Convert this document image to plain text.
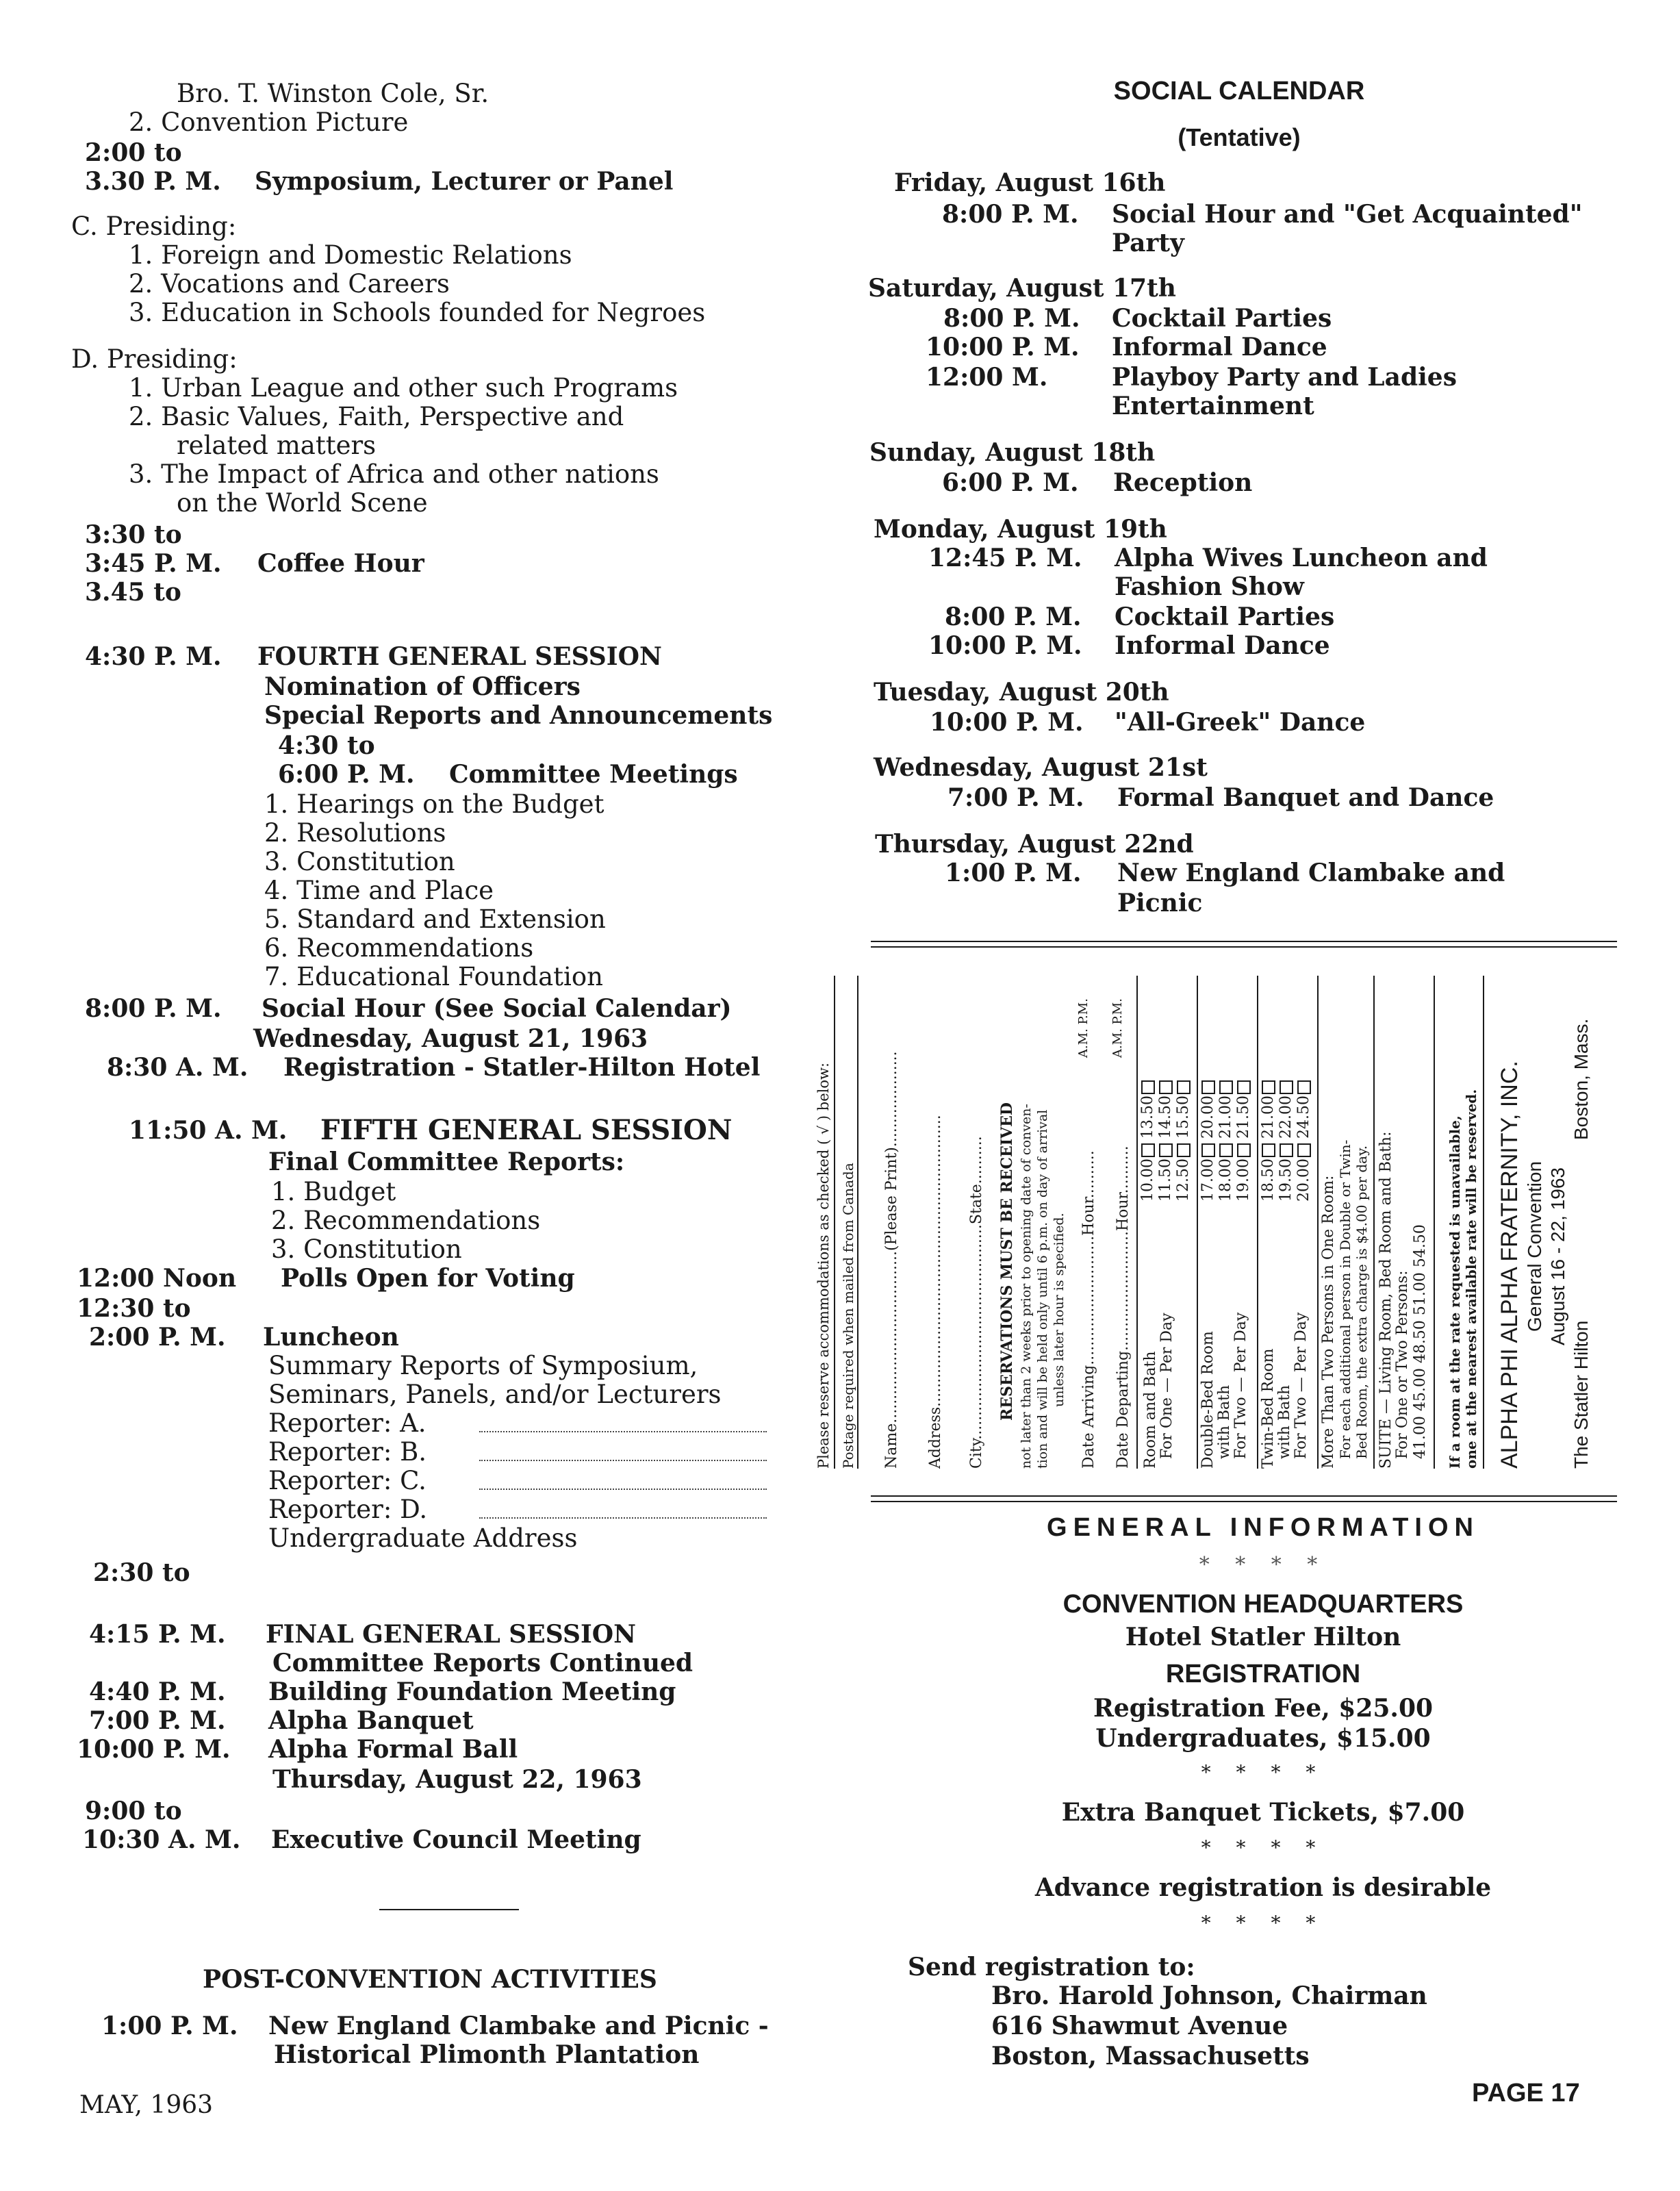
Bro. T. Winston Cole, Sr.
2. Convention Picture
2:00 to
3.30 P. M. Symposium, Lecturer or Panel
C. Presiding:
1. Foreign and Domestic Relations
2. Vocations and Careers
3. Education in Schools founded for Negroes
D. Presiding:
1. Urban League and other such Programs
2. Basic Values, Faith, Perspective and
related matters
3. The Impact of Africa and other nations
on the World Scene
3:30 to
3:45 P. M. Coffee Hour
3.45 to
4:30 P. M. FOURTH GENERAL SESSION
Nomination of Officers
Special Reports and Announcements
4:30 to
6:00 P. M. Committee Meetings
1. Hearings on the Budget
2. Resolutions
3. Constitution
4. Time and Place
5. Standard and Extension
6. Recommendations
7. Educational Foundation
8:00 P. M. Social Hour (See Social Calendar)
Wednesday, August 21, 1963
8:30 A. M. Registration - Statler-Hilton Hotel
11:50 A. M. FIFTH GENERAL SESSION
Final Committee Reports:
1. Budget
2. Recommendations
3. Constitution
12:00 Noon Polls Open for Voting
12:30 to
2:00 P. M. Luncheon
Summary Reports of Symposium,
Seminars, Panels, and/or Lecturers
Reporter: A.
Reporter: B.
Reporter: C.
Reporter: D.
Undergraduate Address
2:30 to
4:15 P. M. FINAL GENERAL SESSION
Committee Reports Continued
4:40 P. M. Building Foundation Meeting
7:00 P. M. Alpha Banquet
10:00 P. M. Alpha Formal Ball
Thursday, August 22, 1963
9:00 to
10:30 A. M. Executive Council Meeting
POST-CONVENTION ACTIVITIES
1:00 P. M. New England Clambake and Picnic -
Historical Plimonth Plantation
MAY, 1963
SOCIAL CALENDAR
(Tentative)
Friday, August 16th
8:00 P. M. Social Hour and "Get Acquainted"
Party
Saturday, August 17th
8:00 P. M. Cocktail Parties
10:00 P. M. Informal Dance
12:00 M.	Playboy Party and Ladies
Entertainment
Sunday, August 18th
6:00 P. M. Reception
Monday, August 19th
12:45 P. M. Alpha Wives Luncheon and
Fashion Show
8:00 P. M. Cocktail Parties
10:00 P. M. Informal Dance
Tuesday, August 20th
10:00 P. M. "All-Greek" Dance
Wednesday, August 21st
7:00 P. M. Formal Banquet and Dance
Thursday, August 22nd
1:00 P. M. New England Clambake and
Picnic
Please reserve accommodations as checked ( √ ) below: Postage required when mailed from Canada Name....................................(Please Print).................... Address............................................................. City.............................................State.......... RESERVATIONS MUST BE RECEIVED not later than 2 weeks prior to opening date of conven- tion and will be held only until 6 p.m. on day of arrival unless later hour is specified. Date Arriving...........................Hour..........
A.M. P.M.
Date Departing.........................Hour..........
A.M. P.M.
Room and Bath For One — Per Day
10.00 13.50
11.50 14.50
12.50 15.50
Double-Bed Room with Bath For Two — Per Day
17.00 20.00
18.00 21.00
19.00 21.50
Twin-Bed Room with Bath For Two — Per Day
18.50 21.00
19.50 22.00
20.00 24.50
More Than Two Persons in One Room: For each additional person in Double or Twin- Bed Room, the extra charge is $4.00 per day. SUITE — Living Room, Bed Room and Bath: For One or Two Persons: 41.00 45.00 48.50 51.00 54.50 If a room at the rate requested is unavailable, one at the nearest available rate will be reserved. ALPHA PHI ALPHA FRATERNITY, INC. General Convention August 16 - 22, 1963
The Statler Hilton
Boston, Mass.
GENERAL INFORMATION
* * * *
CONVENTION HEADQUARTERS
Hotel Statler Hilton
REGISTRATION
Registration Fee, $25.00
Undergraduates, $15.00
* * * *
Extra Banquet Tickets, $7.00
* * * *
Advance registration is desirable
* * * *
Send registration to:
Bro. Harold Johnson, Chairman
616 Shawmut Avenue
Boston, Massachusetts
PAGE 17
